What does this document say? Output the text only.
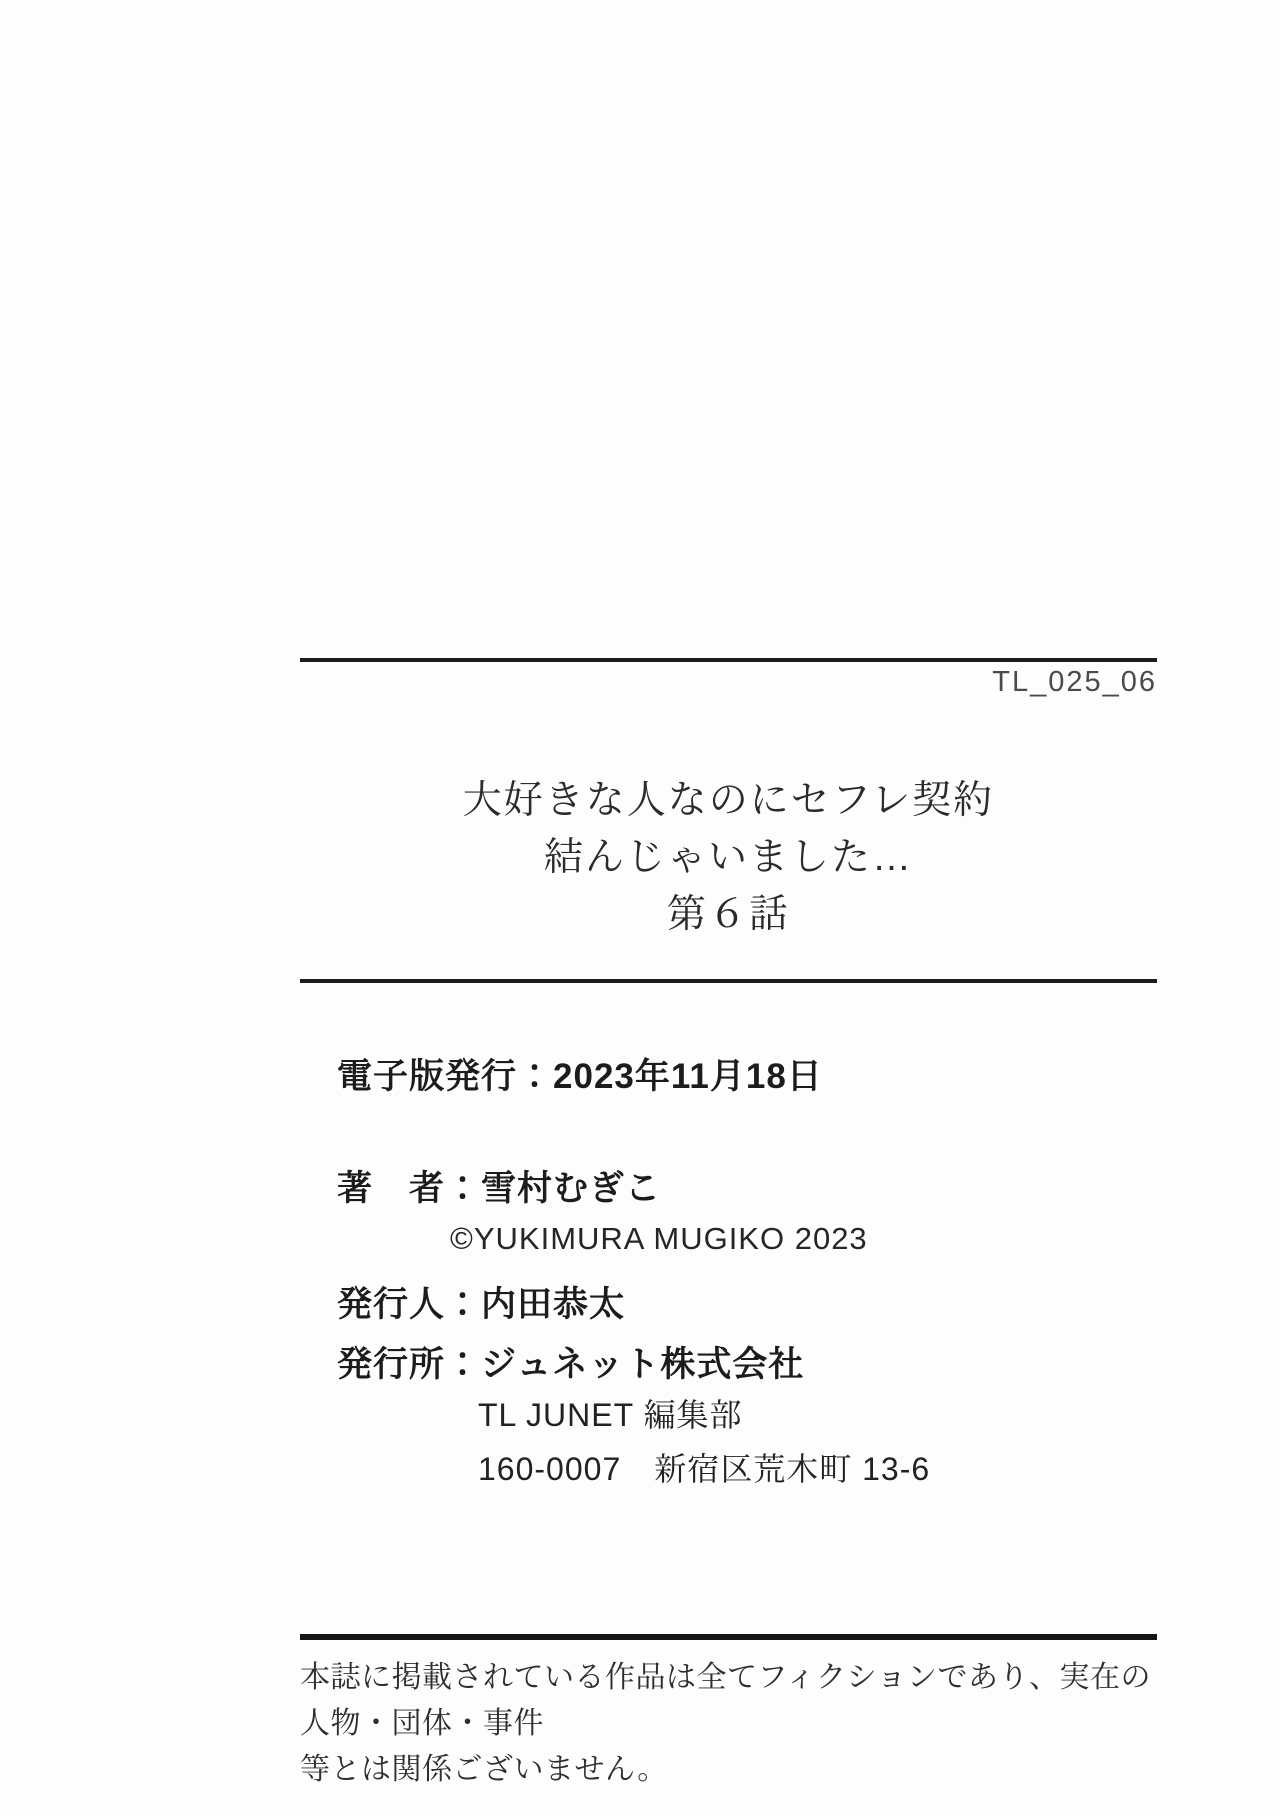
TL_025_06
大好きな人なのにセフレ契約
結んじゃいました…
第６話
電子版発行：2023年11月18日
著　者：雪村むぎこ
©YUKIMURA MUGIKO 2023
発行人：内田恭太
発行所：ジュネット株式会社
TL JUNET 編集部
160-0007　新宿区荒木町 13-6
本誌に掲載されている作品は全てフィクションであり、実在の人物・団体・事件
等とは関係ございません。
